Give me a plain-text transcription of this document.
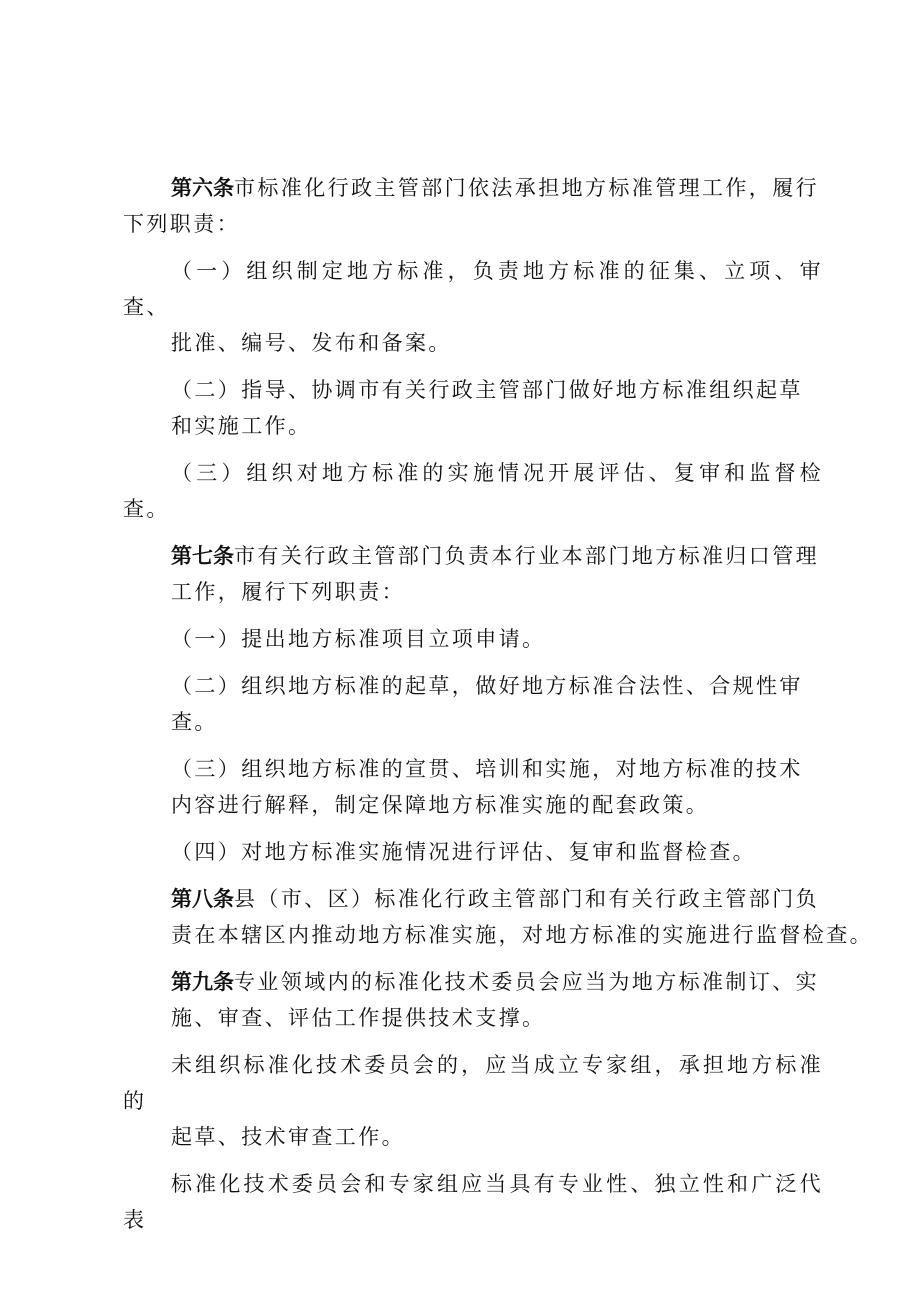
第六条市标准化行政主管部门依法承担地方标准管理工作，履行
下列职责：

（一）组织制定地方标准，负责地方标准的征集、立项、审查、
批准、编号、发布和备案。

（二）指导、协调市有关行政主管部门做好地方标准组织起草
和实施工作。

（三）组织对地方标准的实施情况开展评估、复审和监督检查。

第七条市有关行政主管部门负责本行业本部门地方标准归口管理
工作，履行下列职责：

（一）提出地方标准项目立项申请。

（二）组织地方标准的起草，做好地方标准合法性、合规性审
查。

（三）组织地方标准的宣贯、培训和实施，对地方标准的技术
内容进行解释，制定保障地方标准实施的配套政策。

（四）对地方标准实施情况进行评估、复审和监督检查。

第八条县（市、区）标准化行政主管部门和有关行政主管部门负
责在本辖区内推动地方标准实施，对地方标准的实施进行监督检查。

第九条专业领域内的标准化技术委员会应当为地方标准制订、实
施、审查、评估工作提供技术支撑。

未组织标准化技术委员会的，应当成立专家组，承担地方标准的
起草、技术审查工作。

标准化技术委员会和专家组应当具有专业性、独立性和广泛代表
